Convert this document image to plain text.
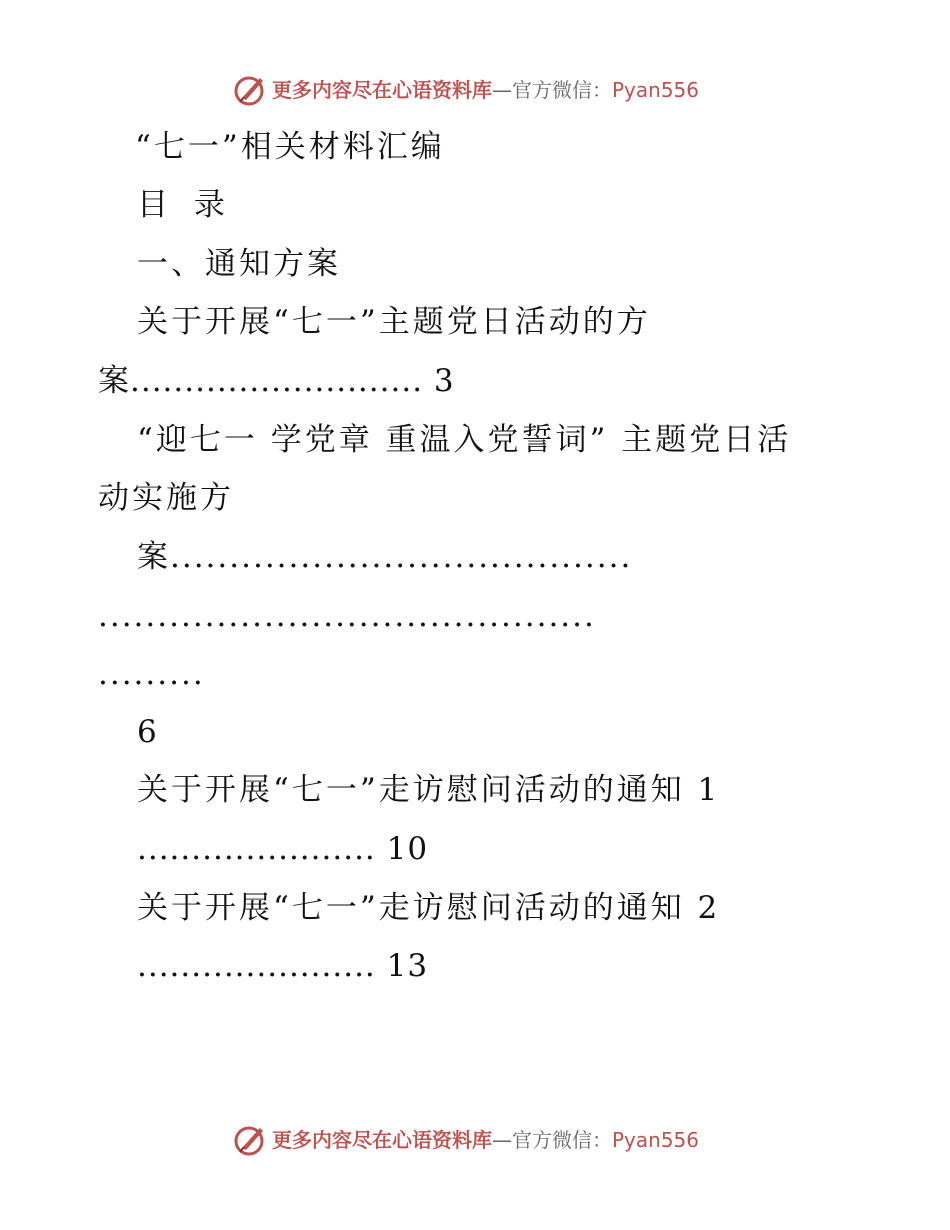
更多内容尽在心语资料库—官方微信：Pyan556
“七一”相关材料汇编
目 录
一、通知方案
关于开展“七一”主题党日活动的方
案........................... 3
“迎七一 学党章 重温入党誓词” 主题党日活
动实施方
案.......................................
..........................................
.........
6
关于开展“七一”走访慰问活动的通知 1
...................... 10
关于开展“七一”走访慰问活动的通知 2
...................... 13
更多内容尽在心语资料库—官方微信：Pyan556
